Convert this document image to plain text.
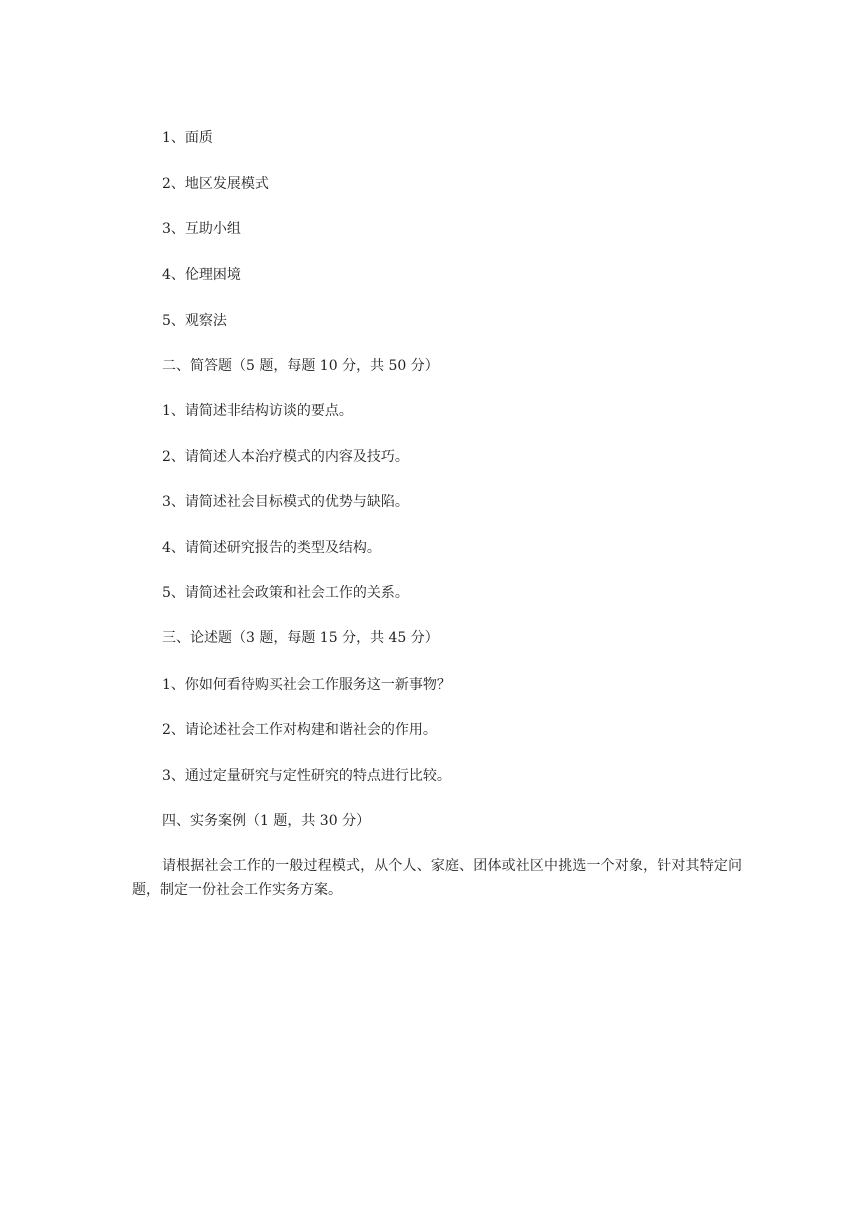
1、面质
2、地区发展模式
3、互助小组
4、伦理困境
5、观察法
二、简答题（5 题，每题 10 分，共 50 分）
1、请简述非结构访谈的要点。
2、请简述人本治疗模式的内容及技巧。
3、请简述社会目标模式的优势与缺陷。
4、请简述研究报告的类型及结构。
5、请简述社会政策和社会工作的关系。
三、论述题（3 题，每题 15 分，共 45 分）
1、你如何看待购买社会工作服务这一新事物？
2、请论述社会工作对构建和谐社会的作用。
3、通过定量研究与定性研究的特点进行比较。
四、实务案例（1 题，共 30 分）
请根据社会工作的一般过程模式，从个人、家庭、团体或社区中挑选一个对象，针对其特定问题，制定一份社会工作实务方案。
